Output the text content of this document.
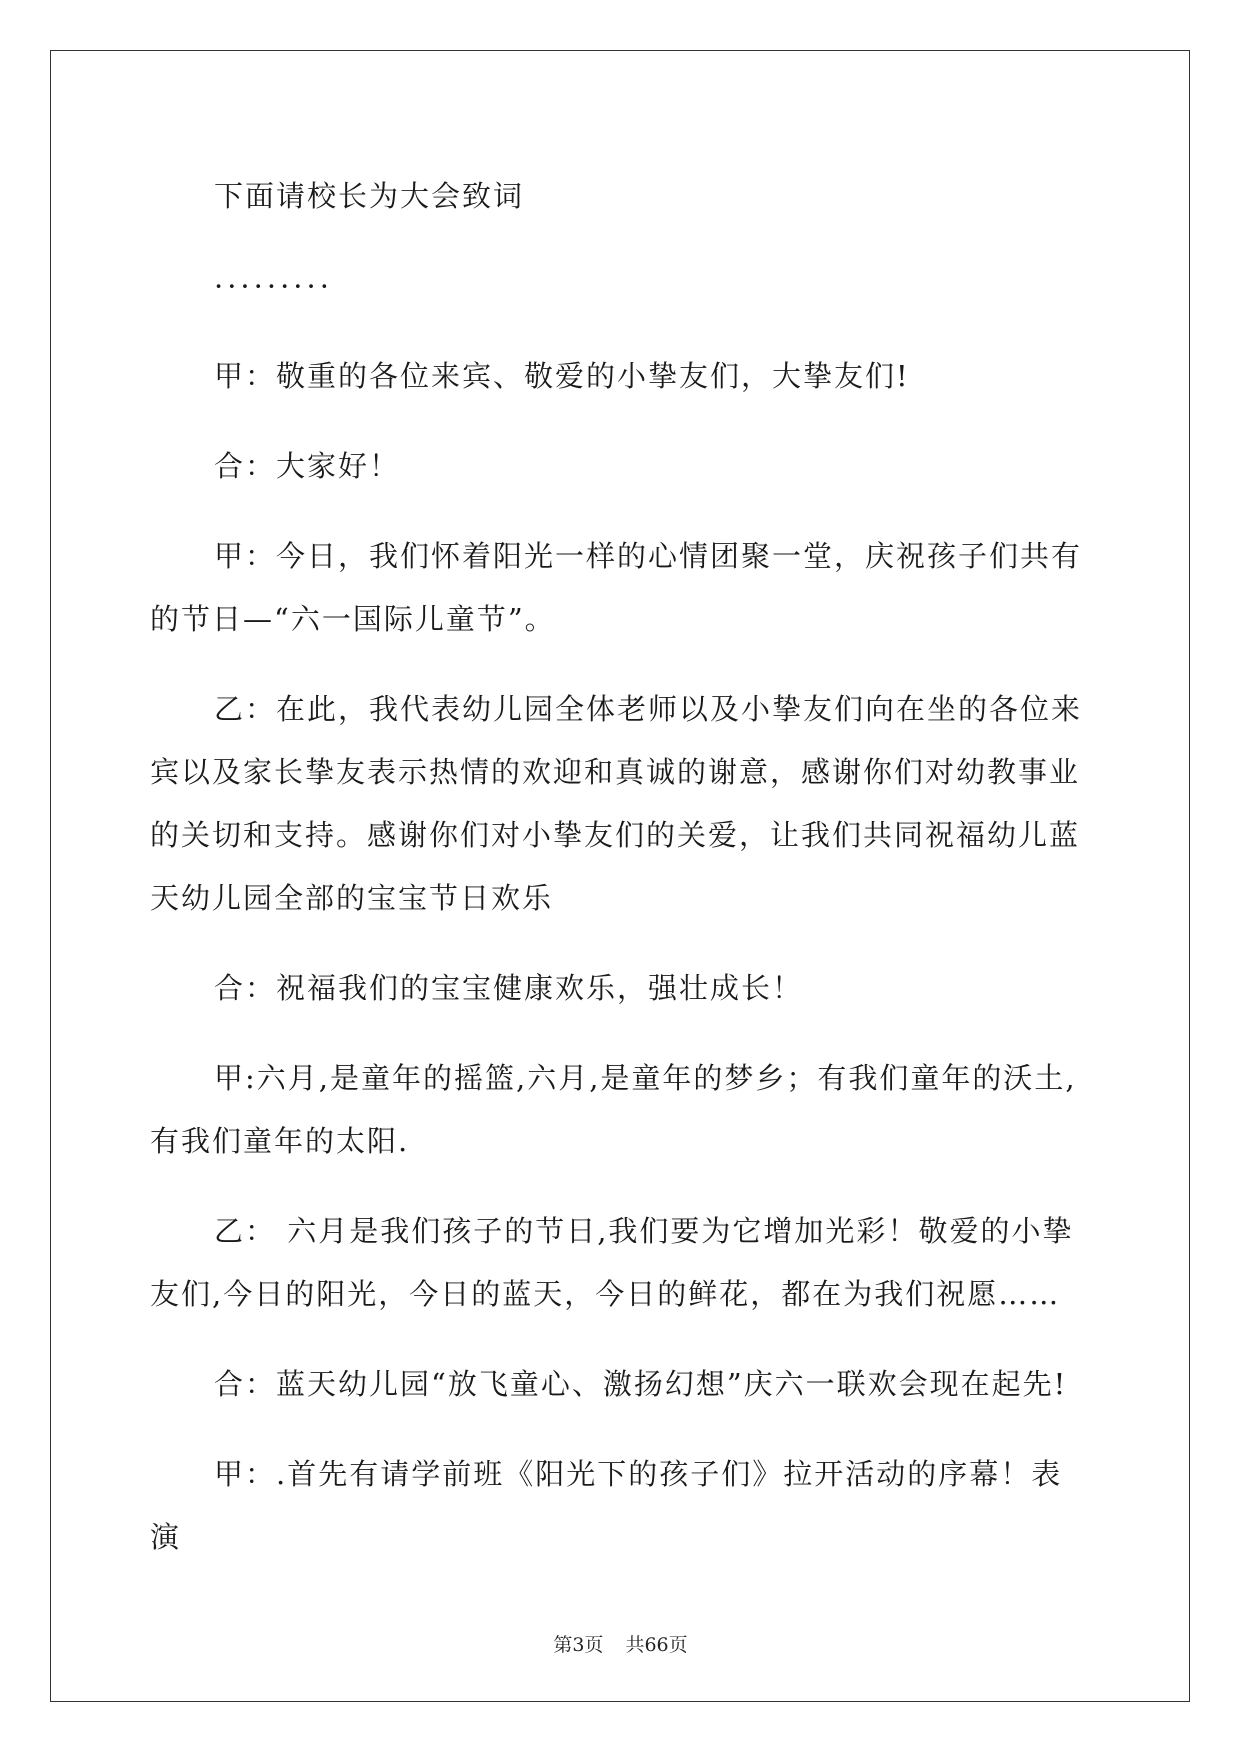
下面请校长为大会致词

·········

甲：敬重的各位来宾、敬爱的小挚友们，大挚友们!

合：大家好！

甲：今日，我们怀着阳光一样的心情团聚一堂，庆祝孩子们共有的节日—“六一国际儿童节”。

乙：在此，我代表幼儿园全体老师以及小挚友们向在坐的各位来宾以及家长挚友表示热情的欢迎和真诚的谢意，感谢你们对幼教事业的关切和支持。感谢你们对小挚友们的关爱，让我们共同祝福幼儿蓝天幼儿园全部的宝宝节日欢乐

合：祝福我们的宝宝健康欢乐，强壮成长！

甲:六月,是童年的摇篮,六月,是童年的梦乡；有我们童年的沃土,有我们童年的太阳.

乙： 六月是我们孩子的节日,我们要为它增加光彩！敬爱的小挚友们,今日的阳光，今日的蓝天，今日的鲜花，都在为我们祝愿……

合：蓝天幼儿园“放飞童心、激扬幻想”庆六一联欢会现在起先!

甲：.首先有请学前班《阳光下的孩子们》拉开活动的序幕！表演

第3页 共66页
